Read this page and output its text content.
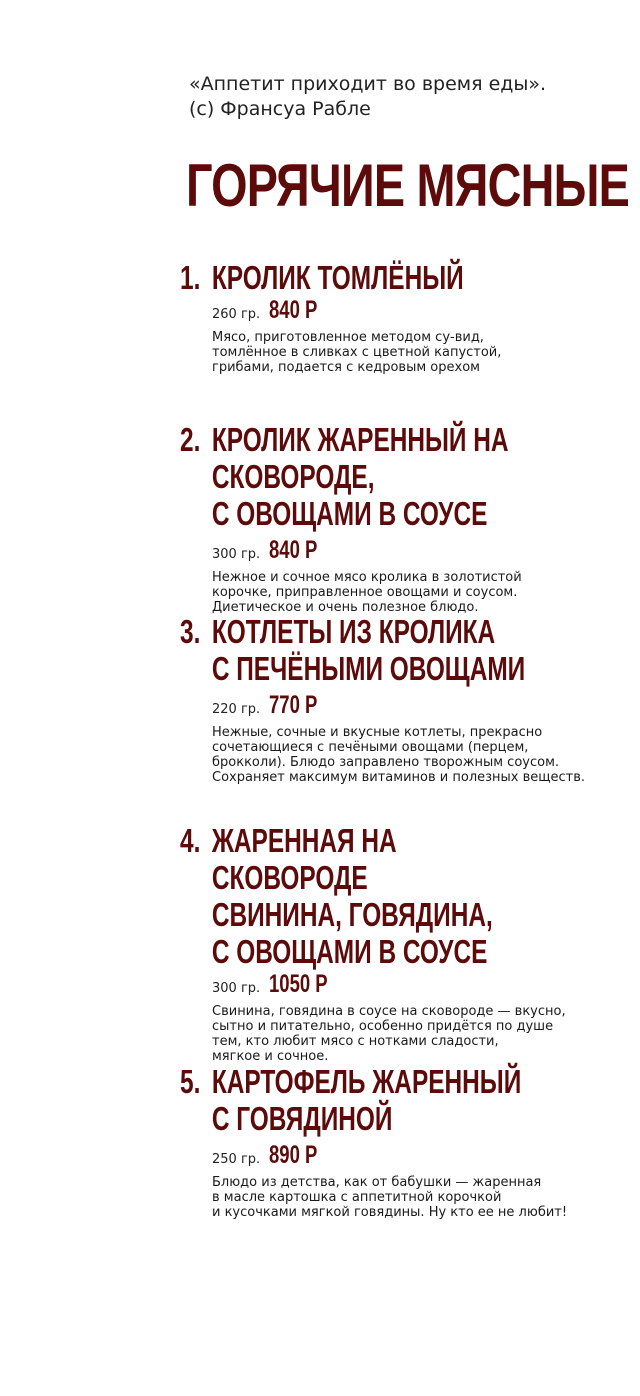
«Аппетит приходит во время еды».
(с) Франсуа Рабле
ГОРЯЧИЕ МЯСНЫЕ
1. КРОЛИК ТОМЛЁНЫЙ
260 гр. 840 Р
Мясо, приготовленное методом су-вид,
томлённое в сливках с цветной капустой,
грибами, подается с кедровым орехом
2. КРОЛИК ЖАРЕННЫЙ НА СКОВОРОДЕ,
С ОВОЩАМИ В СОУСЕ
300 гр. 840 Р
Нежное и сочное мясо кролика в золотистой
корочке, приправленное овощами и соусом.
Диетическое и очень полезное блюдо.
3. КОТЛЕТЫ ИЗ КРОЛИКА
С ПЕЧЁНЫМИ ОВОЩАМИ
220 гр. 770 Р
Нежные, сочные и вкусные котлеты, прекрасно
сочетающиеся с печёными овощами (перцем,
брокколи). Блюдо заправлено творожным соусом.
Сохраняет максимум витаминов и полезных веществ.
4. ЖАРЕННАЯ НА СКОВОРОДЕ
СВИНИНА, ГОВЯДИНА,
С ОВОЩАМИ В СОУСЕ
300 гр. 1050 Р
Свинина, говядина в соусе на сковороде — вкусно,
сытно и питательно, особенно придётся по душе
тем, кто любит мясо с нотками сладости,
мягкое и сочное.
5. КАРТОФЕЛЬ ЖАРЕННЫЙ
С ГОВЯДИНОЙ
250 гр. 890 Р
Блюдо из детства, как от бабушки — жаренная
в масле картошка с аппетитной корочкой
и кусочками мягкой говядины. Ну кто ее не любит!
